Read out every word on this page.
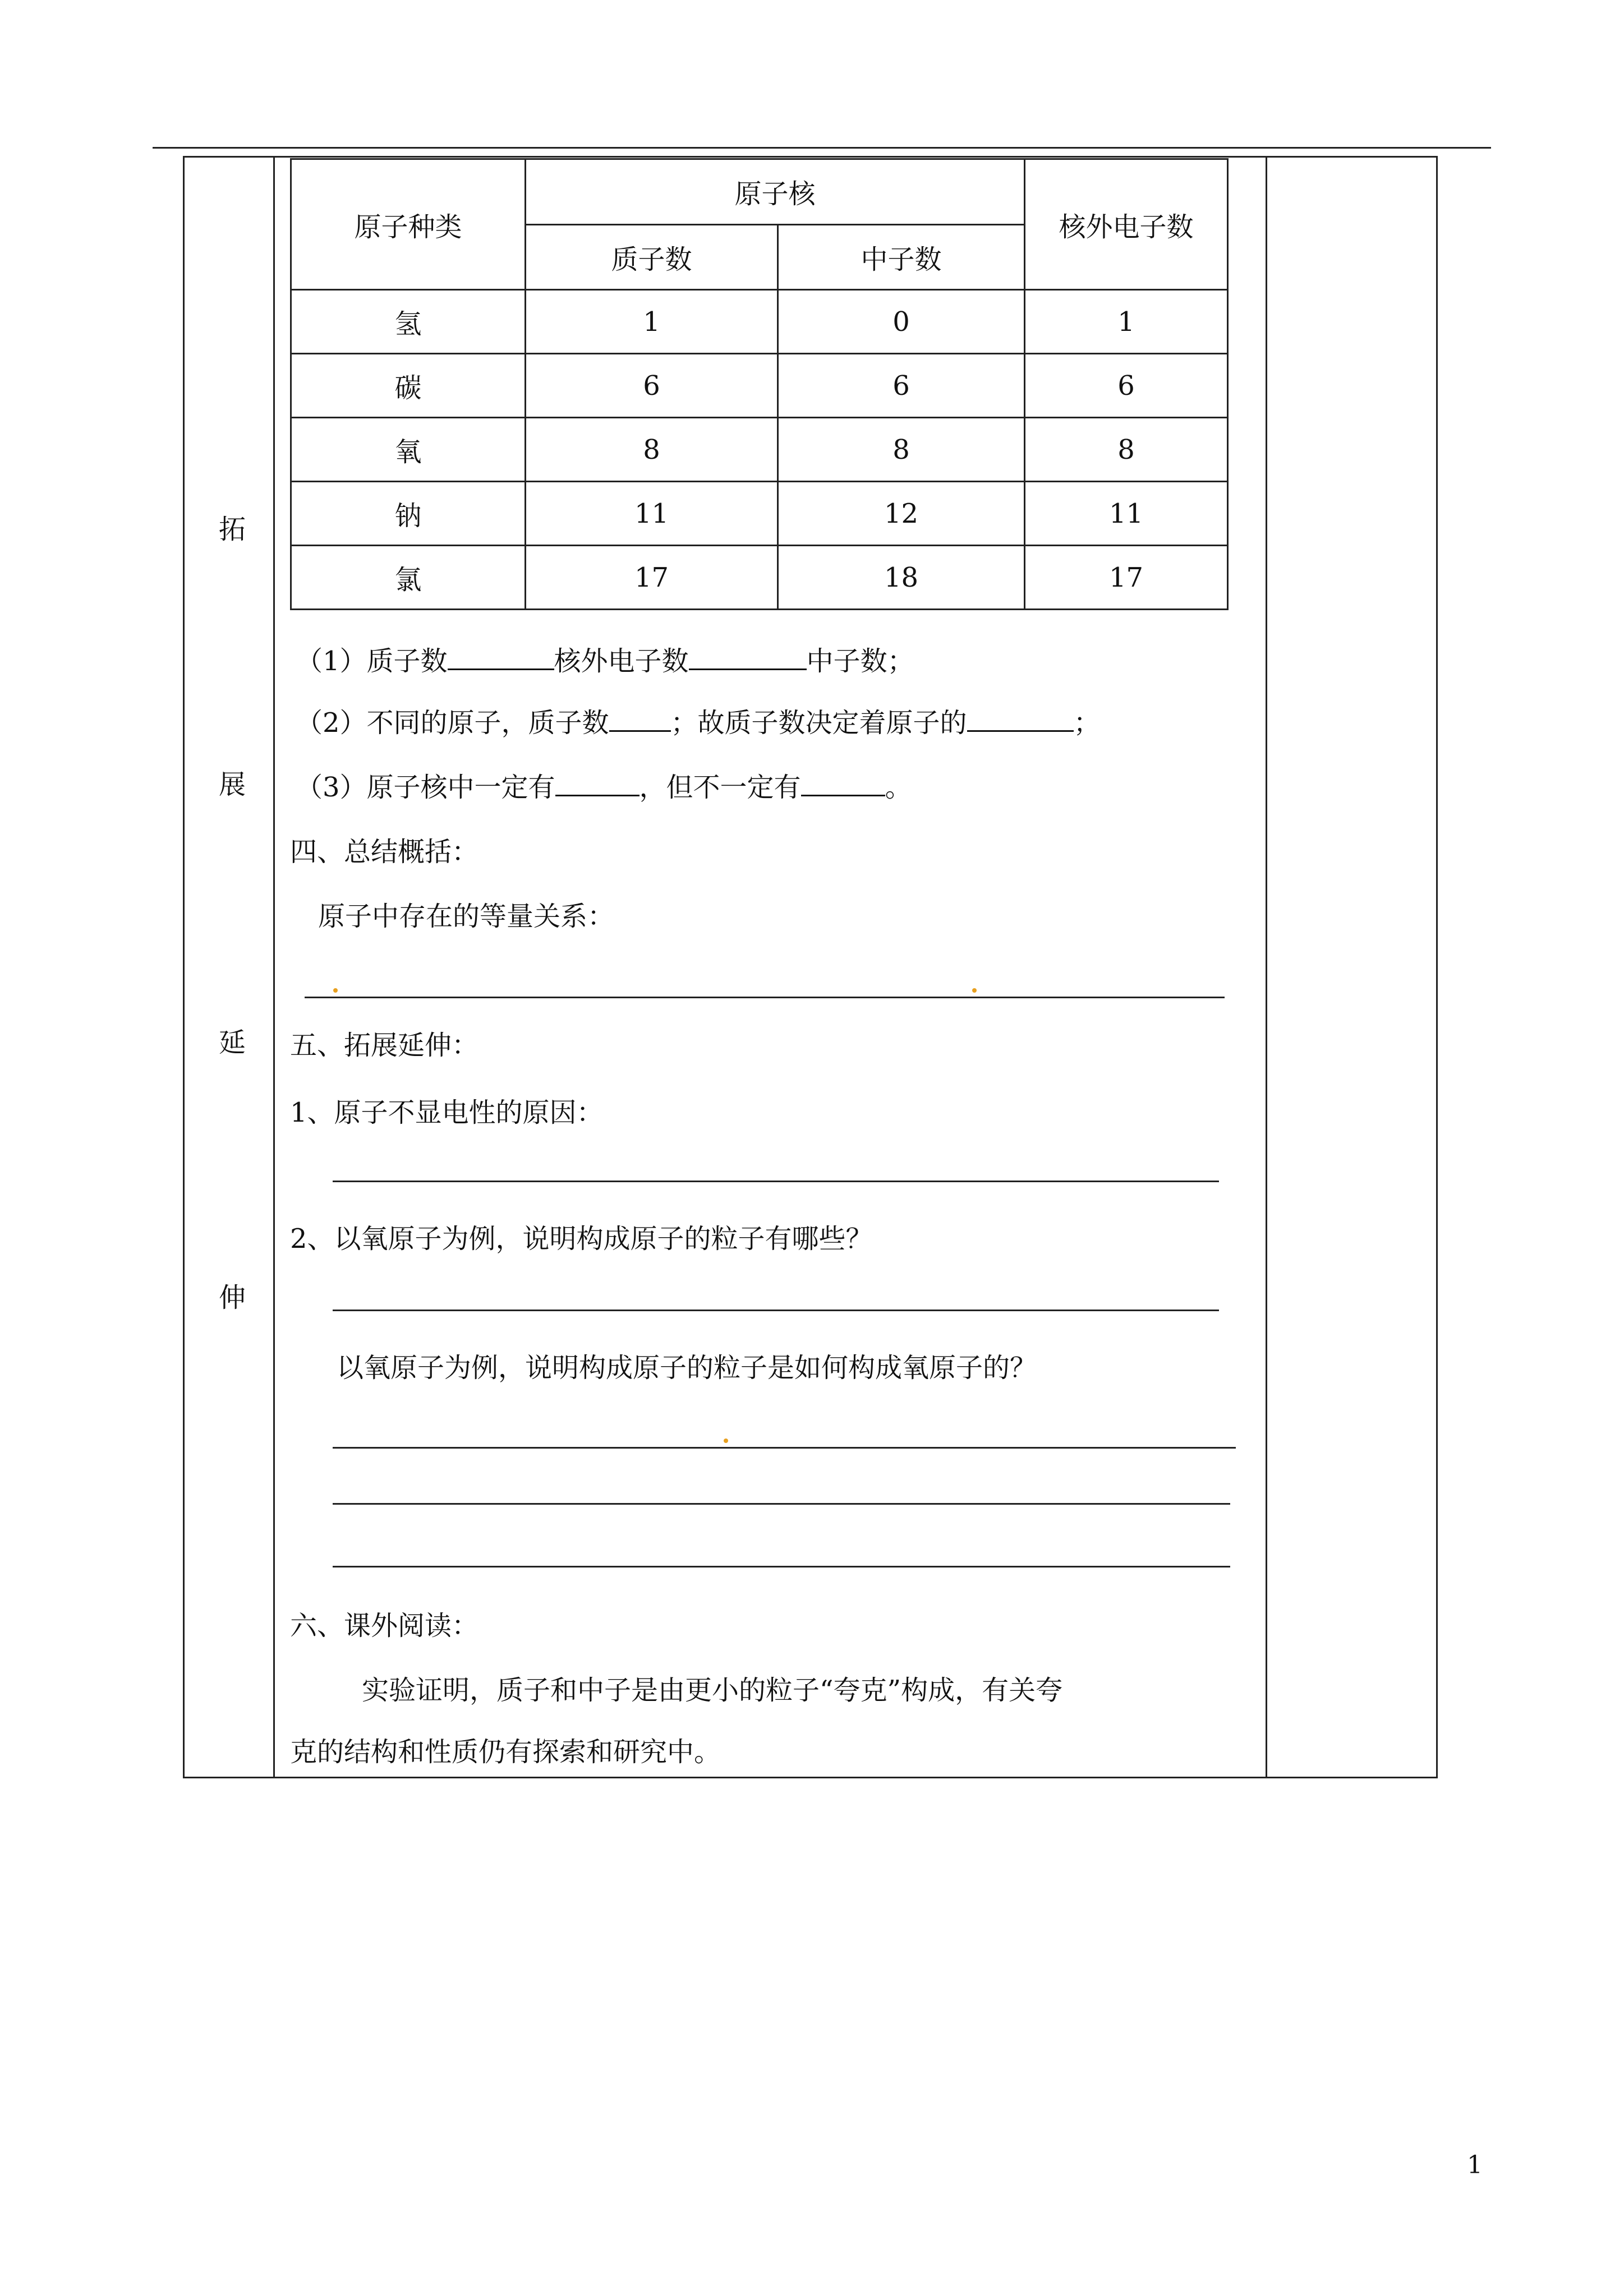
拓
展
延
伸
原子种类	原子核		核外电子数
	质子数	中子数	
氢	1	0	1
碳	6	6	6
氧	8	8	8
钠	11	12	11
氯	17	18	17
（1）质子数	核外电子数	中子数；
（2）不同的原子，质子数 ；故质子数决定着原子的	；
（3）原子核中一定有	，但不一定有	。
四、总结概括：
原子中存在的等量关系：
五、拓展延伸：
1、原子不显电性的原因：
2、以氧原子为例，说明构成原子的粒子有哪些？
以氧原子为例，说明构成原子的粒子是如何构成氧原子的？
六、课外阅读：
实验证明，质子和中子是由更小的粒子“夸克”构成，有关夸
克的结构和性质仍有探索和研究中。
1
